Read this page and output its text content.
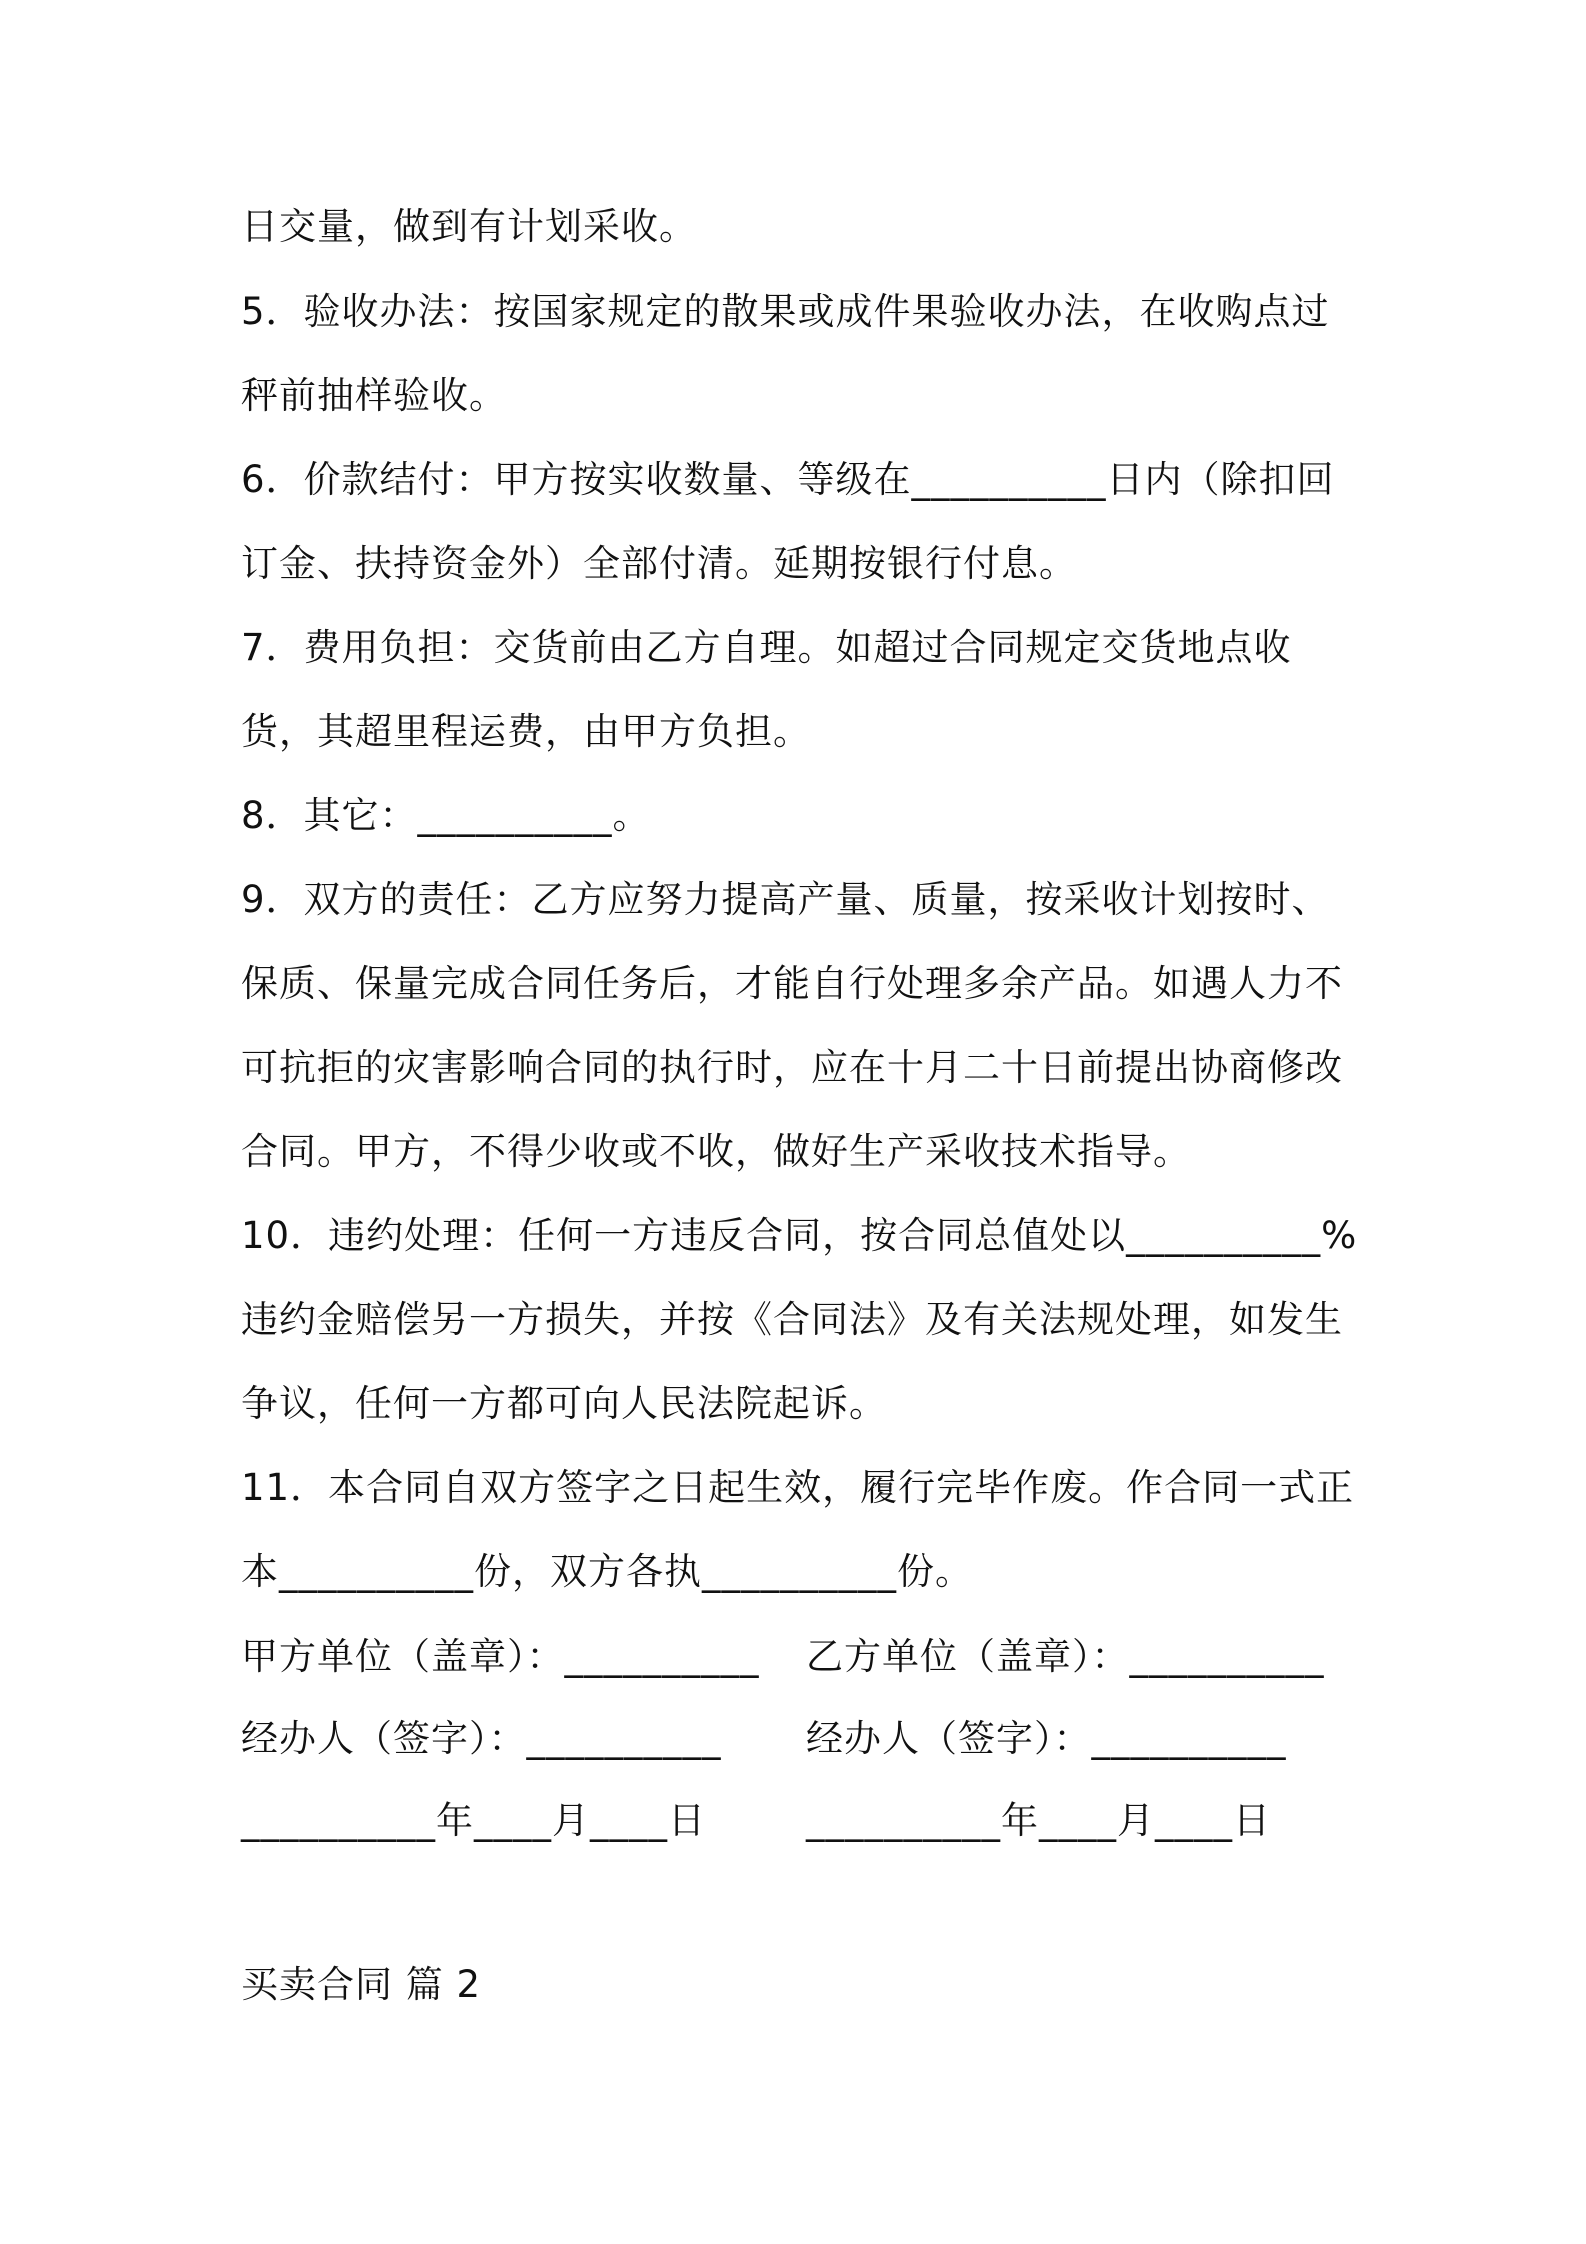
日交量，做到有计划采收。
5．验收办法：按国家规定的散果或成件果验收办法，在收购点过秤前抽样验收。
6．价款结付：甲方按实收数量、等级在__________日内（除扣回订金、扶持资金外）全部付清。延期按银行付息。
7．费用负担：交货前由乙方自理。如超过合同规定交货地点收货，其超里程运费，由甲方负担。
8．其它：__________。
9．双方的责任：乙方应努力提高产量、质量，按采收计划按时、保质、保量完成合同任务后，才能自行处理多余产品。如遇人力不可抗拒的灾害影响合同的执行时，应在十月二十日前提出协商修改合同。甲方，不得少收或不收，做好生产采收技术指导。
10．违约处理：任何一方违反合同，按合同总值处以__________%违约金赔偿另一方损失，并按《合同法》及有关法规处理，如发生争议，任何一方都可向人民法院起诉。
11．本合同自双方签字之日起生效，履行完毕作废。作合同一式正本__________份，双方各执__________份。
甲方单位（盖章）：__________ 乙方单位（盖章）：__________
经办人（签字）：__________ 经办人（签字）：__________
__________年____月____日	__________年____月____日
买卖合同 篇 2
